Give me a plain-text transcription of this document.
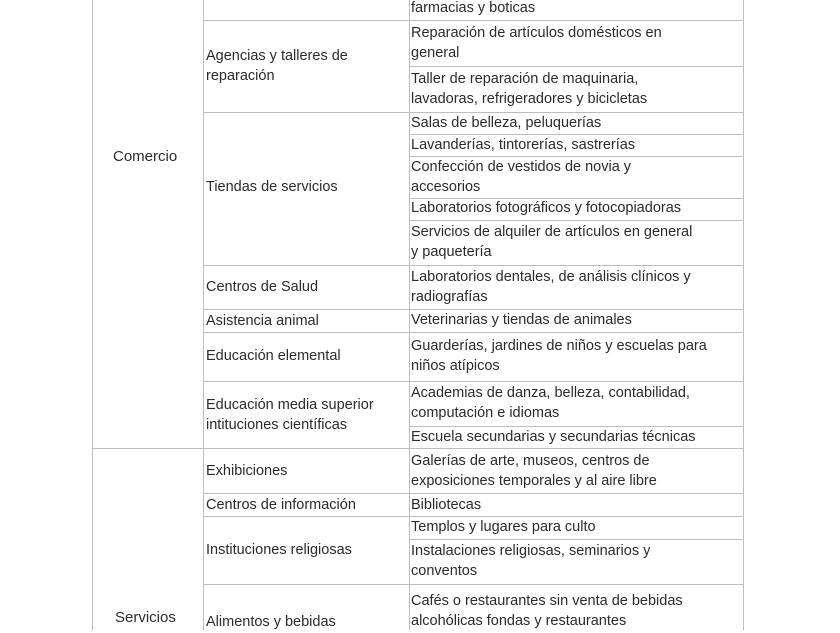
Comercio
Servicios
Agencias y talleres de
reparación
Tiendas de servicios
Centros de Salud
Asistencia animal
Educación elemental
Educación media superior
intituciones científicas
Exhibiciones
Centros de información
Instituciones religiosas
Alimentos y bebidas
farmacias y boticas
Reparación de artículos domésticos en
general
Taller de reparación de maquinaria,
lavadoras, refrigeradores y bicicletas
Salas de belleza, peluquerías
Lavanderías, tintorerías, sastrerías
Confección de vestidos de novia y
accesorios
Laboratorios fotográficos y fotocopiadoras
Servicios de alquiler de artículos en general
y paquetería
Laboratorios dentales, de análisis clínicos y
radiografías
Veterinarias y tiendas de animales
Guarderías, jardines de niños y escuelas para
niños atípicos
Academias de danza, belleza, contabilidad,
computación e idiomas
Escuela secundarias y secundarias técnicas
Galerías de arte, museos, centros de
exposiciones temporales y al aire libre
Bibliotecas
Templos y lugares para culto
Instalaciones religiosas, seminarios y
conventos
Cafés o restaurantes sin venta de bebidas
alcohólicas fondas y restaurantes
